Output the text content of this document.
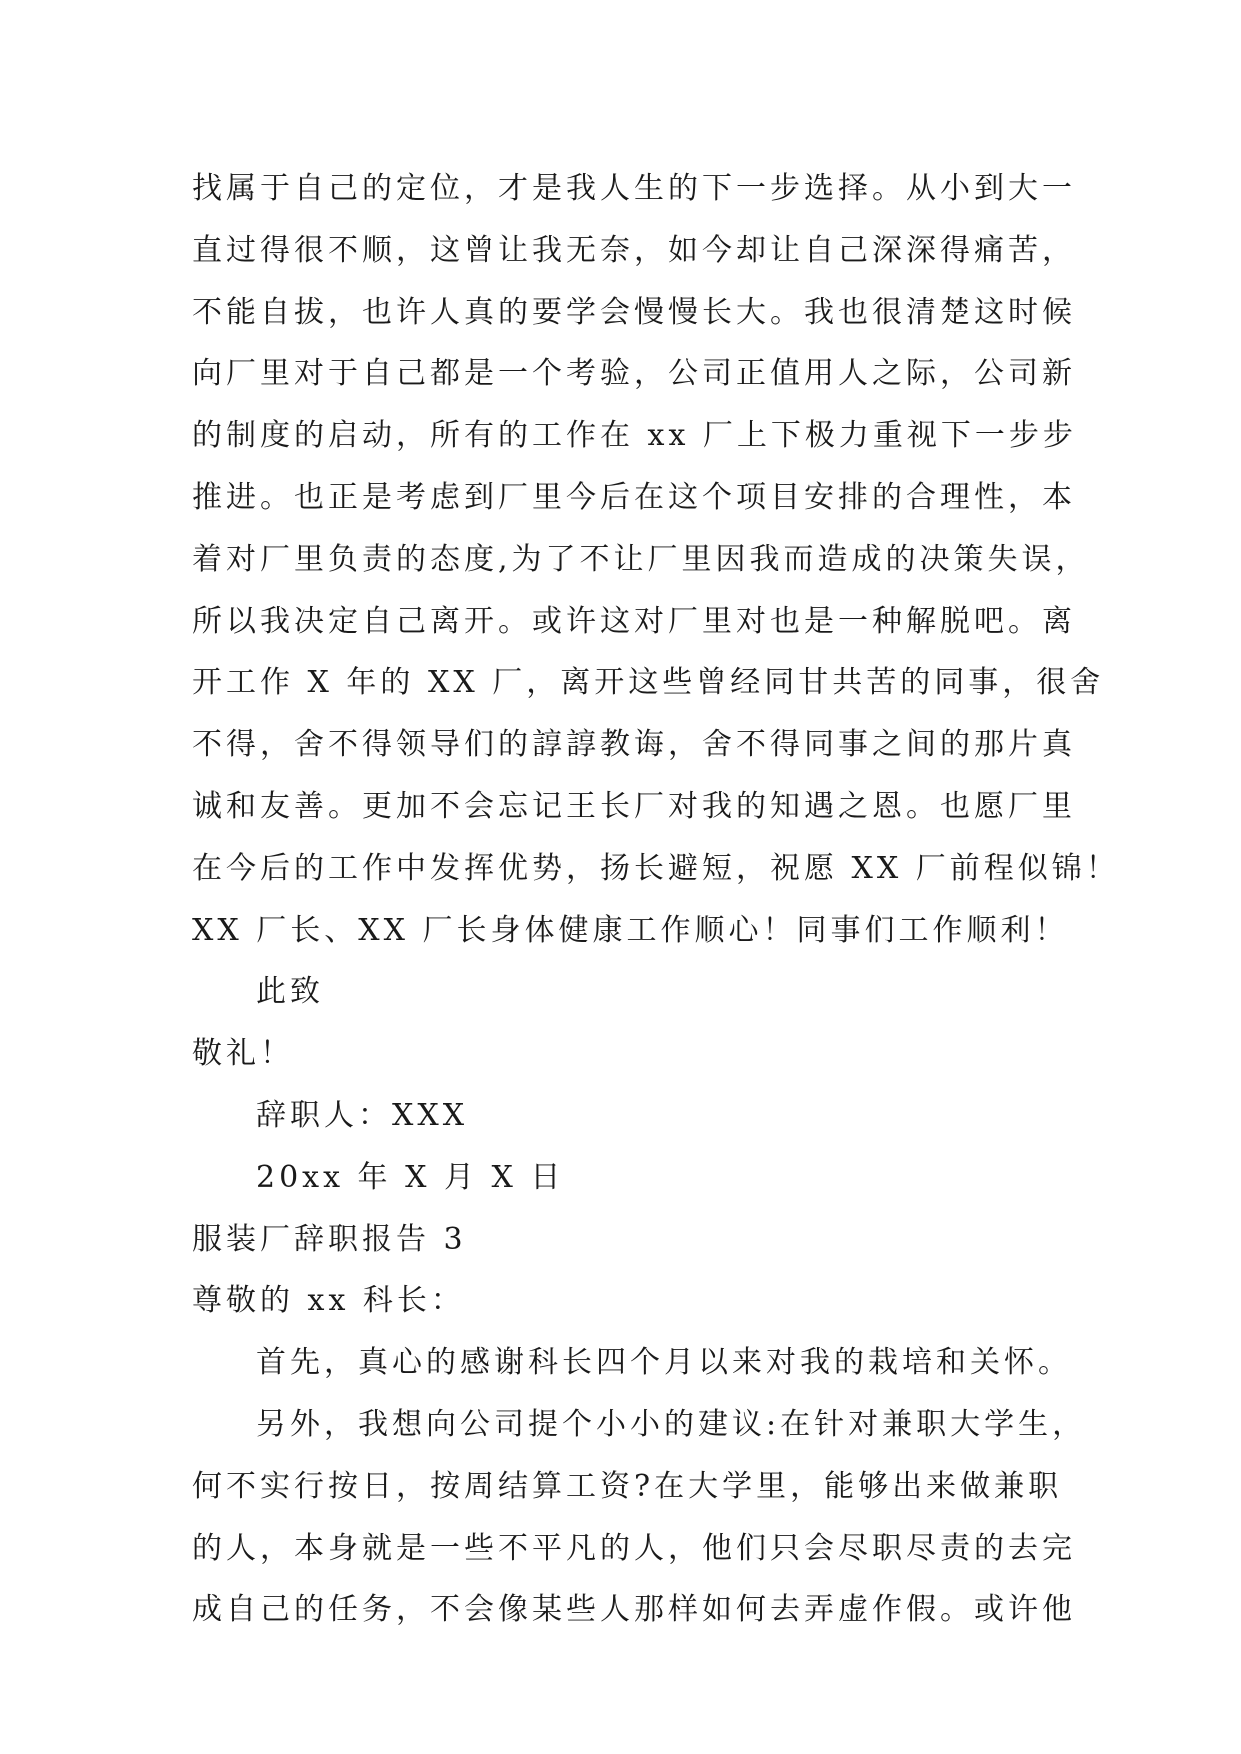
找属于自己的定位，才是我人生的下一步选择。从小到大一
直过得很不顺，这曾让我无奈，如今却让自己深深得痛苦，
不能自拔，也许人真的要学会慢慢长大。我也很清楚这时候
向厂里对于自己都是一个考验，公司正值用人之际，公司新
的制度的启动，所有的工作在 xx 厂上下极力重视下一步步
推进。也正是考虑到厂里今后在这个项目安排的合理性，本
着对厂里负责的态度,为了不让厂里因我而造成的决策失误，
所以我决定自己离开。或许这对厂里对也是一种解脱吧。离
开工作 X 年的 XX 厂，离开这些曾经同甘共苦的同事，很舍
不得，舍不得领导们的諄諄教诲，舍不得同事之间的那片真
诚和友善。更加不会忘记王长厂对我的知遇之恩。也愿厂里
在今后的工作中发挥优势，扬长避短，祝愿 XX 厂前程似锦！
XX 厂长、XX 厂长身体健康工作顺心！同事们工作顺利！
此致
敬礼！
辞职人：XXX
20xx 年 X 月 X 日
服装厂辞职报告 3
尊敬的 xx 科长：
首先，真心的感谢科长四个月以来对我的栽培和关怀。
另外，我想向公司提个小小的建议:在针对兼职大学生，
何不实行按日，按周结算工资?在大学里，能够出来做兼职
的人，本身就是一些不平凡的人，他们只会尽职尽责的去完
成自己的任务，不会像某些人那样如何去弄虚作假。或许他
